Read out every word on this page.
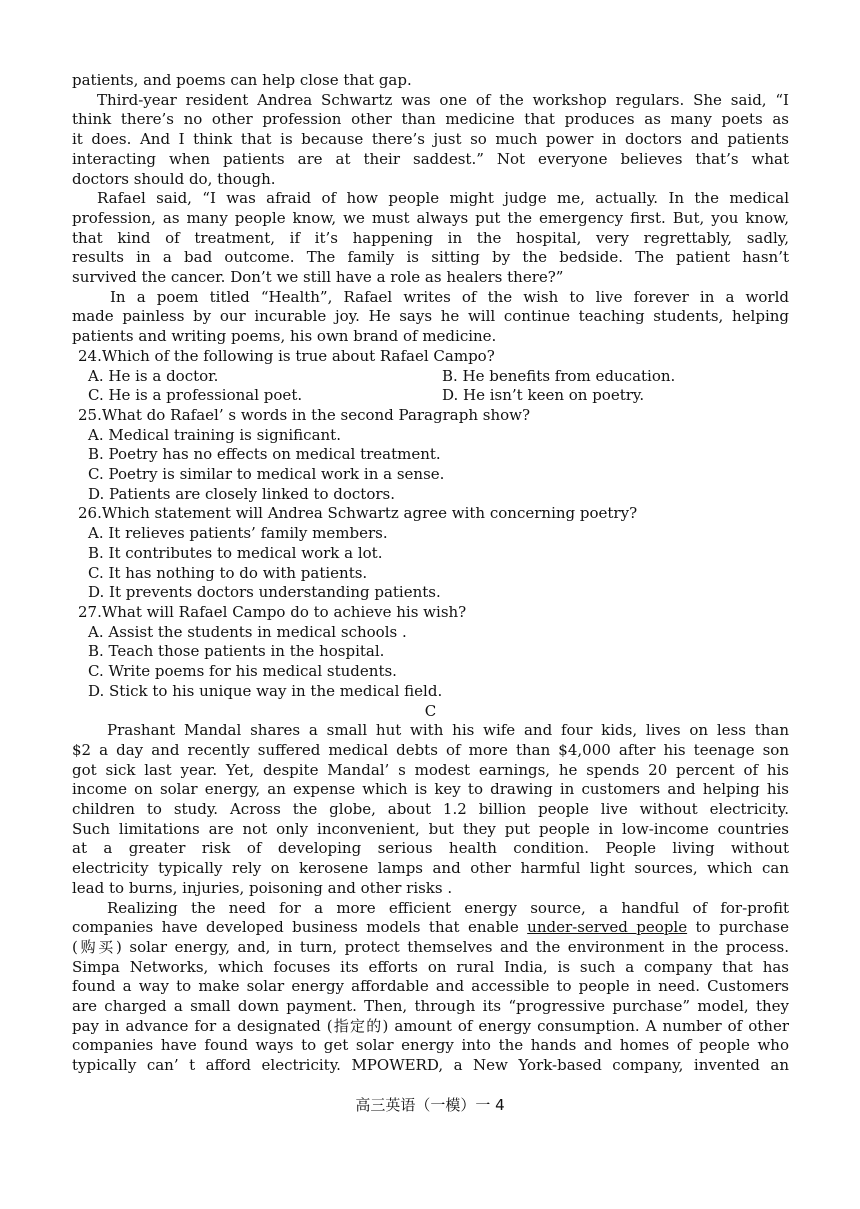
patients, and poems can help close that gap.
Third-year resident Andrea Schwartz was one of the workshop regulars. She said, “I
think there’s no other profession other than medicine that produces as many poets as
it does. And I think that is because there’s just so much power in doctors and patients
interacting when patients are at their saddest.” Not everyone believes that’s what
doctors should do, though.
Rafael said, “I was afraid of how people might judge me, actually. In the medical
profession, as many people know, we must always put the emergency first. But, you know,
that kind of treatment, if it’s happening in the hospital, very regrettably, sadly,
results in a bad outcome. The family is sitting by the bedside. The patient hasn’t
survived the cancer. Don’t we still have a role as healers there?”
In a poem titled “Health”, Rafael writes of the wish to live forever in a world
made painless by our incurable joy. He says he will continue teaching students, helping
patients and writing poems, his own brand of medicine.
24.Which of the following is true about Rafael Campo?
A. He is a doctor.	B. He benefits from education.
C. He is a professional poet.	D. He isn’t keen on poetry.
25.What do Rafael’ s words in the second Paragraph show?
A. Medical training is significant.
B. Poetry has no effects on medical treatment.
C. Poetry is similar to medical work in a sense.
D. Patients are closely linked to doctors.
26.Which statement will Andrea Schwartz agree with concerning poetry?
A. It relieves patients’ family members.
B. It contributes to medical work a lot.
C. It has nothing to do with patients.
D. It prevents doctors understanding patients.
27.What will Rafael Campo do to achieve his wish?
A. Assist the students in medical schools .
B. Teach those patients in the hospital.
C. Write poems for his medical students.
D. Stick to his unique way in the medical field.
C
Prashant Mandal shares a small hut with his wife and four kids, lives on less than
$2 a day and recently suffered medical debts of more than $4,000 after his teenage son
got sick last year. Yet, despite Mandal’ s modest earnings, he spends 20 percent of his
income on solar energy, an expense which is key to drawing in customers and helping his
children to study. Across the globe, about 1.2 billion people live without electricity.
Such limitations are not only inconvenient, but they put people in low-income countries
at a greater risk of developing serious health condition. People living without
electricity typically rely on kerosene lamps and other harmful light sources, which can
lead to burns, injuries, poisoning and other risks .
Realizing the need for a more efficient energy source, a handful of for-profit
companies have developed business models that enable under-served people to purchase
(购买) solar energy, and, in turn, protect themselves and the environment in the process.
Simpa Networks, which focuses its efforts on rural India, is such a company that has
found a way to make solar energy affordable and accessible to people in need. Customers
are charged a small down payment. Then, through its “progressive purchase” model, they
pay in advance for a designated (指定的) amount of energy consumption. A number of other
companies have found ways to get solar energy into the hands and homes of people who
typically can’ t afford electricity. MPOWERD, a New York-based company, invented an
高三英语（一模）一 4
